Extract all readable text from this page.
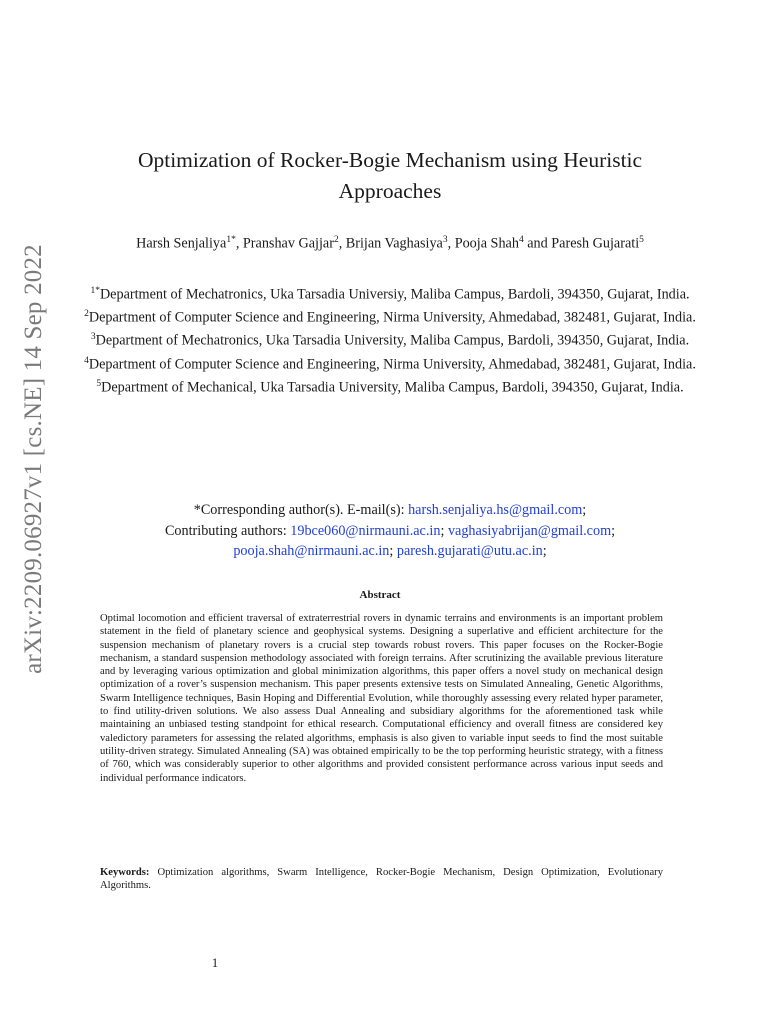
arXiv:2209.06927v1 [cs.NE] 14 Sep 2022
Optimization of Rocker-Bogie Mechanism using Heuristic Approaches
Harsh Senjaliya$^{1*}$, Pranshav Gajjar$^2$, Brijan Vaghasiya$^3$, Pooja Shah$^4$ and Paresh Gujarati$^5$
$^{1*}$Department of Mechatronics, Uka Tarsadia Universiy, Maliba Campus, Bardoli, 394350, Gujarat, India.
$^2$Department of Computer Science and Engineering, Nirma University, Ahmedabad, 382481, Gujarat, India.
$^3$Department of Mechatronics, Uka Tarsadia University, Maliba Campus, Bardoli, 394350, Gujarat, India.
$^4$Department of Computer Science and Engineering, Nirma University, Ahmedabad, 382481, Gujarat, India.
$^5$Department of Mechanical, Uka Tarsadia University, Maliba Campus, Bardoli, 394350, Gujarat, India.
*Corresponding author(s). E-mail(s): harsh.senjaliya.hs@gmail.com;
Contributing authors: 19bce060@nirmauni.ac.in; vaghasiyabrijan@gmail.com;
pooja.shah@nirmauni.ac.in; paresh.gujarati@utu.ac.in;
Abstract
Optimal locomotion and efficient traversal of extraterrestrial rovers in dynamic terrains and environments is an important problem statement in the field of planetary science and geophysical systems. Designing a superlative and efficient architecture for the suspension mechanism of planetary rovers is a crucial step towards robust rovers. This paper focuses on the Rocker-Bogie mechanism, a standard suspension methodology associated with foreign terrains. After scrutinizing the available previous literature and by leveraging various optimization and global minimization algorithms, this paper offers a novel study on mechanical design optimization of a rover’s suspension mechanism. This paper presents extensive tests on Simulated Annealing, Genetic Algorithms, Swarm Intelligence techniques, Basin Hoping and Differential Evolution, while thoroughly assessing every related hyper parameter, to find utility-driven solutions. We also assess Dual Annealing and subsidiary algorithms for the aforementioned task while maintaining an unbiased testing standpoint for ethical research. Computational efficiency and overall fitness are considered key valedictory parameters for assessing the related algorithms, emphasis is also given to variable input seeds to find the most suitable utility-driven strategy. Simulated Annealing (SA) was obtained empirically to be the top performing heuristic strategy, with a fitness of 760, which was considerably superior to other algorithms and provided consistent performance across various input seeds and individual performance indicators.
Keywords: Optimization algorithms, Swarm Intelligence, Rocker-Bogie Mechanism, Design Optimization, Evolutionary Algorithms.
1
